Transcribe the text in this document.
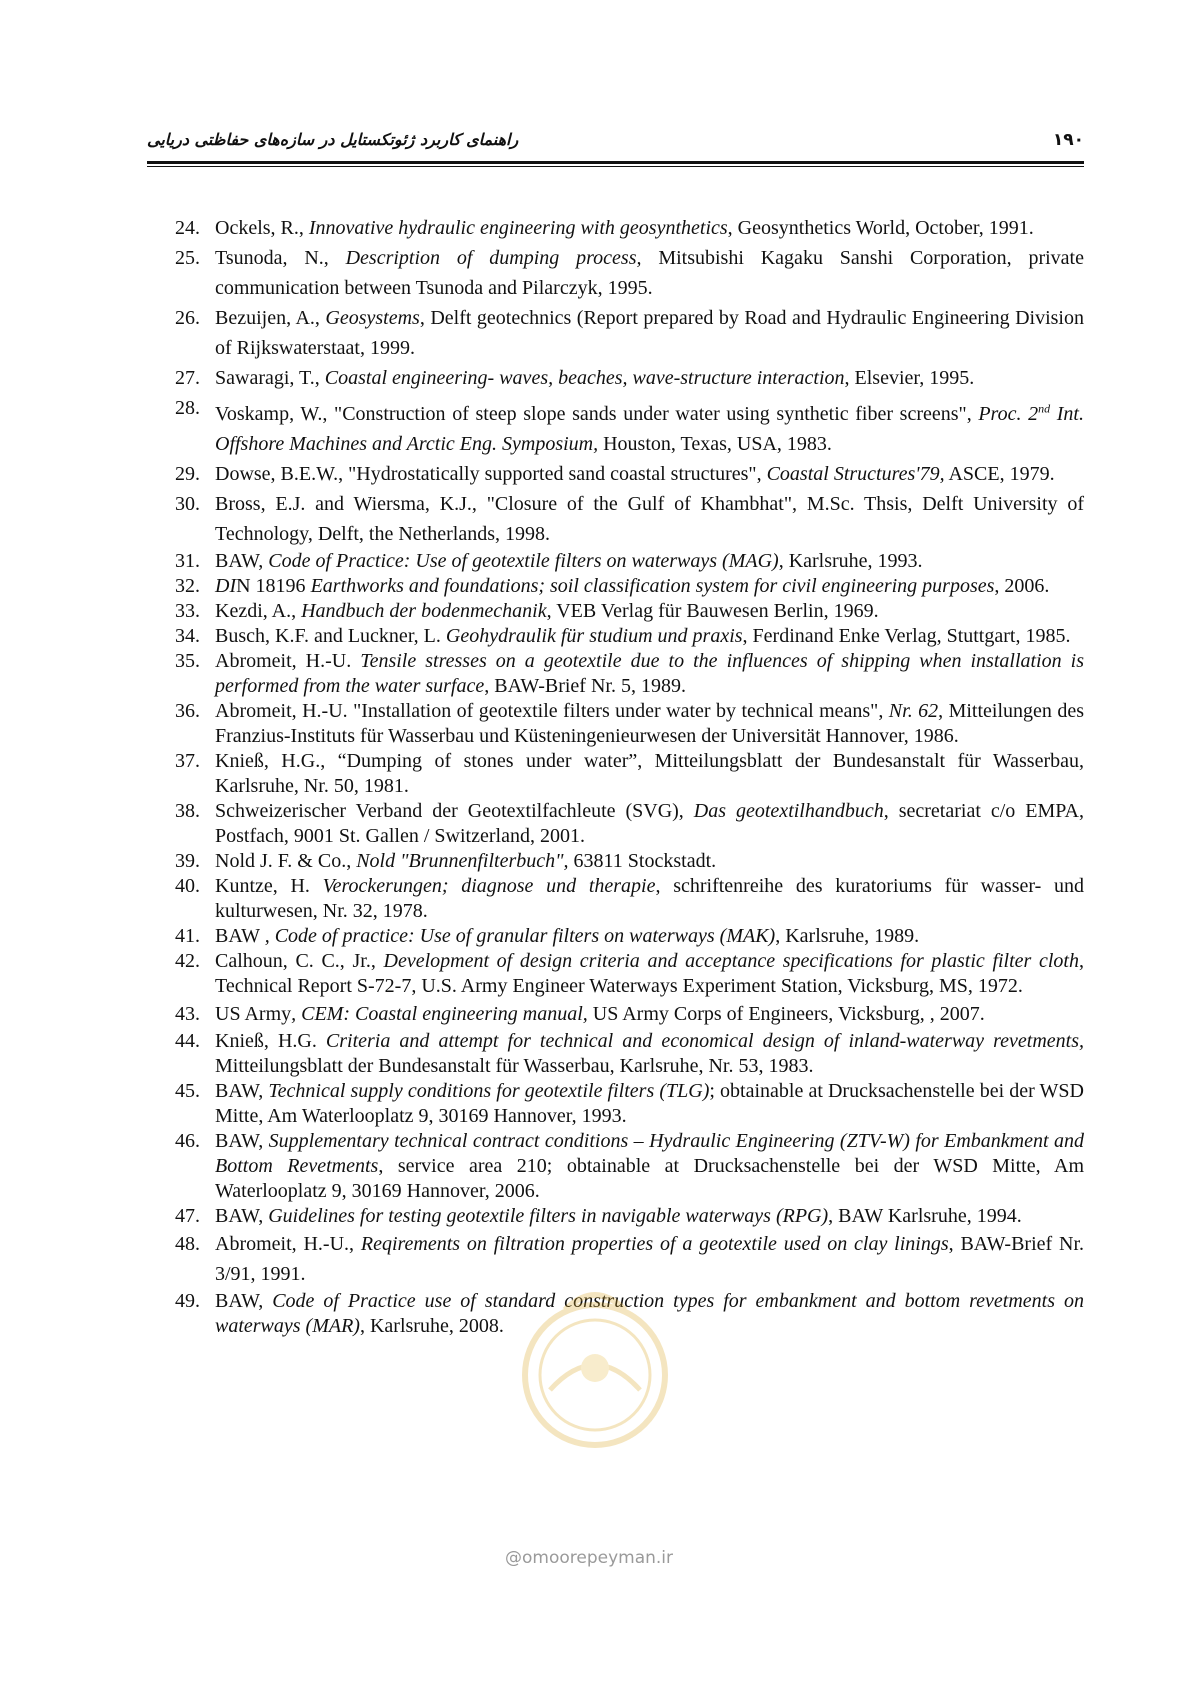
راهنمای کاربرد ژئوتکستایل در سازه‌های حفاظتی دریایی	۱۹۰
24. Ockels, R., Innovative hydraulic engineering with geosynthetics, Geosynthetics World, October, 1991.
25. Tsunoda, N., Description of dumping process, Mitsubishi Kagaku Sanshi Corporation, private communication between Tsunoda and Pilarczyk, 1995.
26. Bezuijen, A., Geosystems, Delft geotechnics (Report prepared by Road and Hydraulic Engineering Division of Rijkswaterstaat, 1999.
27. Sawaragi, T., Coastal engineering- waves, beaches, wave-structure interaction, Elsevier, 1995.
28. Voskamp, W., "Construction of steep slope sands under water using synthetic fiber screens", Proc. 2nd Int. Offshore Machines and Arctic Eng. Symposium, Houston, Texas, USA, 1983.
29. Dowse, B.E.W., "Hydrostatically supported sand coastal structures", Coastal Structures'79, ASCE, 1979.
30. Bross, E.J. and Wiersma, K.J., "Closure of the Gulf of Khambhat", M.Sc. Thsis, Delft University of Technology, Delft, the Netherlands, 1998.
31. BAW, Code of Practice: Use of geotextile filters on waterways (MAG), Karlsruhe, 1993.
32. DIN 18196 Earthworks and foundations; soil classification system for civil engineering purposes, 2006.
33. Kezdi, A., Handbuch der bodenmechanik, VEB Verlag für Bauwesen Berlin, 1969.
34. Busch, K.F. and Luckner, L. Geohydraulik für studium und praxis, Ferdinand Enke Verlag, Stuttgart, 1985.
35. Abromeit, H.-U. Tensile stresses on a geotextile due to the influences of shipping when installation is performed from the water surface, BAW-Brief Nr. 5, 1989.
36. Abromeit, H.-U. "Installation of geotextile filters under water by technical means", Nr. 62, Mitteilungen des Franzius-Instituts für Wasserbau und Küsteningenieurwesen der Universität Hannover, 1986.
37. Knieß, H.G., “Dumping of stones under water”, Mitteilungsblatt der Bundesanstalt für Wasserbau, Karlsruhe, Nr. 50, 1981.
38. Schweizerischer Verband der Geotextilfachleute (SVG), Das geotextilhandbuch, secretariat c/o EMPA, Postfach, 9001 St. Gallen / Switzerland, 2001.
39. Nold J. F. & Co., Nold "Brunnenfilterbuch", 63811 Stockstadt.
40. Kuntze, H. Verockerungen; diagnose und therapie, schriftenreihe des kuratoriums für wasser- und kulturwesen, Nr. 32, 1978.
41. BAW , Code of practice: Use of granular filters on waterways (MAK), Karlsruhe, 1989.
42. Calhoun, C. C., Jr., Development of design criteria and acceptance specifications for plastic filter cloth, Technical Report S-72-7, U.S. Army Engineer Waterways Experiment Station, Vicksburg, MS, 1972.
43. US Army, CEM: Coastal engineering manual, US Army Corps of Engineers, Vicksburg, , 2007.
44. Knieß, H.G. Criteria and attempt for technical and economical design of inland-waterway revetments, Mitteilungsblatt der Bundesanstalt für Wasserbau, Karlsruhe, Nr. 53, 1983.
45. BAW, Technical supply conditions for geotextile filters (TLG); obtainable at Drucksachenstelle bei der WSD Mitte, Am Waterlooplatz 9, 30169 Hannover, 1993.
46. BAW, Supplementary technical contract conditions – Hydraulic Engineering (ZTV-W) for Embankment and Bottom Revetments, service area 210; obtainable at Drucksachenstelle bei der WSD Mitte, Am Waterlooplatz 9, 30169 Hannover, 2006.
47. BAW, Guidelines for testing geotextile filters in navigable waterways (RPG), BAW Karlsruhe, 1994.
48. Abromeit, H.-U., Reqirements on filtration properties of a geotextile used on clay linings, BAW-Brief Nr. 3/91, 1991.
49. BAW, Code of Practice use of standard construction types for embankment and bottom revetments on waterways (MAR), Karlsruhe, 2008.
@omoorepeyman.ir
